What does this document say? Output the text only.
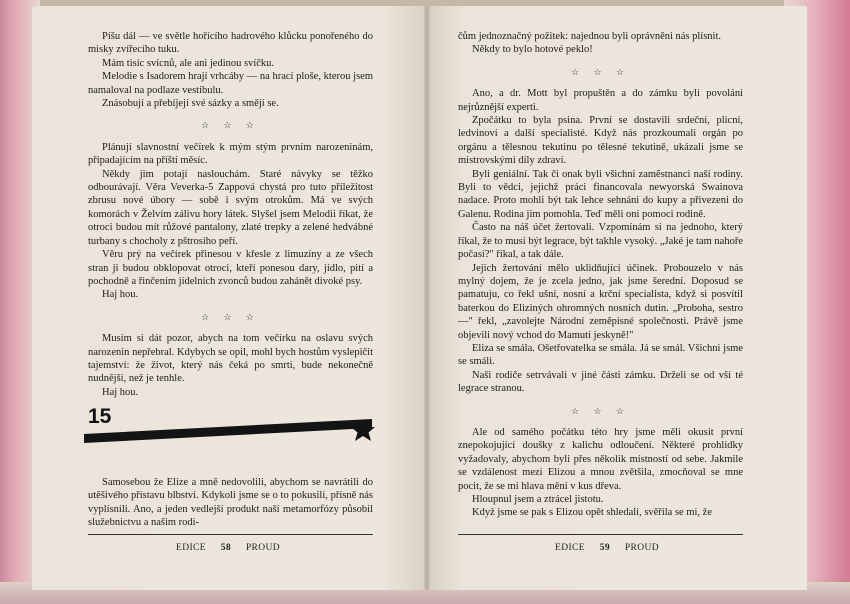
Píšu dál — ve světle hořícího hadrového klůcku ponořeného do misky zvířecího tuku.

Mám tisíc svícnů, ale ani jedinou svíčku.

Melodie s Isadorem hrají vrhcáby — na hrací ploše, kterou jsem namaloval na podlaze vestibulu.

Znásobují a přebíjejí své sázky a smějí se.

☆ ☆ ☆

Plánují slavnostní večírek k mým stým prvním narozeninám, připadajícím na příští měsíc.

Někdy jim potají naslouchám. Staré návyky se těžko odbourávají. Věra Veverka-5 Zappová chystá pro tuto příležitost zbrusu nové úbory — sobě i svým otrokům. Má ve svých komorách v Želvím zálivu hory látek. Slyšel jsem Melodii říkat, že otroci budou mít růžové pantalony, zlaté trepky a zelené hedvábné turbany s chocholy z pštrosího peří.

Věru prý na večírek přinesou v křesle z limuzíny a ze všech stran ji budou obklopovat otroci, kteří ponesou dary, jídlo, pití a pochodně a řinčením jídelních zvonců budou zahánět divoké psy.

Haj hou.

☆ ☆ ☆

Musím si dát pozor, abych na tom večírku na oslavu svých narozenin nepřebral. Kdybych se opil, mohl bych hostům vyslepičit tajemství: že život, který nás čeká po smrti, bude nekonečně nudnější, než je tenhle.

Haj hou.

15

Samosebou že Elize a mně nedovolili, abychom se navrátili do utěšivého přístavu blbství. Kdykoli jsme se o to pokusili, přísně nás vyplísnili. Ano, a jeden vedlejší produkt naší metamorfózy působil služebnictvu a našim rodi-

EDICE 58 PROUD

čům jednoznačný požitek: najednou byli oprávněni nás plísnit.

Někdy to bylo hotové peklo!

☆ ☆ ☆

Ano, a dr. Mott byl propuštěn a do zámku byli povoláni nejrůznější experti.

Zpočátku to byla psina. První se dostavili srdeční, plicní, ledvinoví a další specialisté. Když nás prozkoumali orgán po orgánu a tělesnou tekutinu po tělesné tekutině, ukázali jsme se mistrovskými díly zdraví.

Byli geniální. Tak či onak byli všichni zaměstnanci naší rodiny. Byli to vědci, jejichž práci financovala newyorská Swainova nadace. Proto mohli být tak lehce sehnáni do kupy a přivezeni do Galenu. Rodina jim pomohla. Teď měli oni pomoci rodině.

Často na náš účet žertovali. Vzpomínám si na jednoho, který říkal, že to musí být legrace, být takhle vysoký. „Jaké je tam nahoře počasí?" říkal, a tak dále.

Jejich žertování mělo uklidňující účinek. Probouzelo v nás mylný dojem, že je zcela jedno, jak jsme šerední. Doposud se pamatuju, co řekl ušní, nosní a krční specialista, když si posvítil baterkou do Eliziných ohromných nosních dutin. „Proboha, sestro —" řekl, „zavolejte Národní zeměpisné společnosti. Právě jsme objevili nový vchod do Mamutí jeskyně!"

Eliza se smála. Ošetřovatelka se smála. Já se smál. Všichni jsme se smáli.

Naši rodiče setrvávali v jiné části zámku. Drželi se od vší té legrace stranou.

☆ ☆ ☆

Ale od samého počátku této hry jsme měli okusit první znepokojující doušky z kalichu odloučení. Některé prohlídky vyžadovaly, abychom byli přes několik místností od sebe. Jakmile se vzdálenost mezi Elizou a mnou zvětšila, zmocňoval se mne pocit, že se mi hlava mění v kus dřeva.

Hloupnul jsem a ztrácel jistotu.

Když jsme se pak s Elizou opět shledali, svěřila se mi, že

EDICE 59 PROUD
